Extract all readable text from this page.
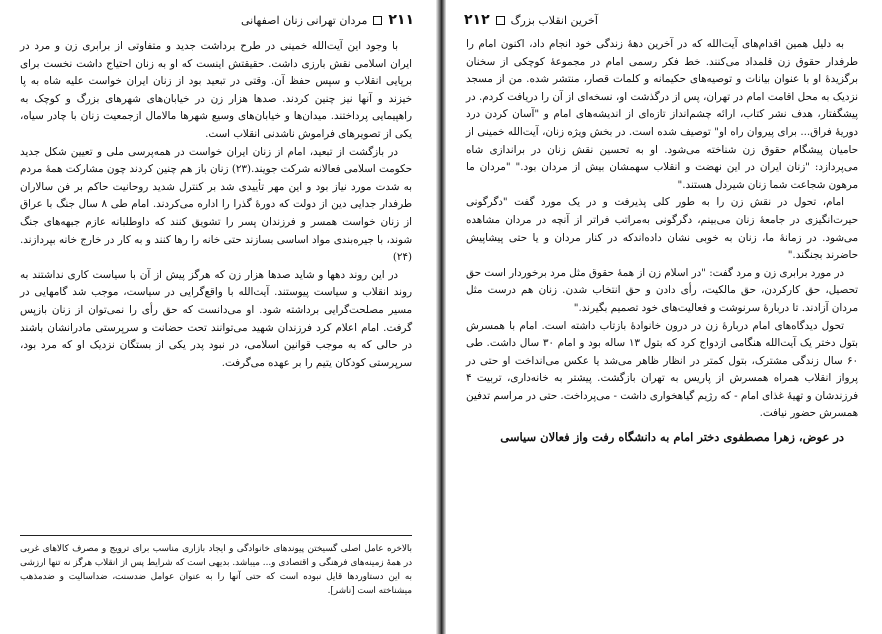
۲۱۱
مردان تهرانی زنان اصفهانی

با وجود این آیت‌الله خمینی در طرح برداشت جدید و متفاوتی از برابری زن و مرد در ایران اسلامی نقش بارزی داشت. حقیقتش اینست که او به زنان احتیاج داشت نخست برای برپایی انقلاب و سپس حفظ آن. وقتی در تبعید بود از زنان ایران خواست علیه شاه به پا خیزند و آنها نیز چنین کردند. صدها هزار زن در خیابان‌های شهرهای بزرگ و کوچک به راهپیمایی پرداختند. میدان‌ها و خیابان‌های وسیع شهرها مالامال ازجمعیت زنان با چادر سیاه، یکی از تصویرهای فراموش ناشدنی انقلاب است.

در بازگشت از تبعید، امام از زنان ایران خواست در همه‌پرسی ملی و تعیین شکل جدید حکومت اسلامی فعالانه شرکت جویند.(۲۳) زنان باز هم چنین کردند چون مشارکت همهٔ مردم به شدت مورد نیاز بود و این مهر تأییدی شد بر کنترل شدید روحانیت حاکم بر فن سالاران طرفدار جدایی دین از دولت که دورهٔ گذرا را اداره می‌کردند. امام طی ۸ سال جنگ با عراق از زنان خواست همسر و فرزندان پسر را تشویق کنند که داوطلبانه عازم جبهه‌های جنگ شوند، با جیره‌بندی مواد اساسی بسازند حتی خانه را رها کنند و به کار در خارج خانه بپردازند.(۲۴)

در این روند دهها و شاید صدها هزار زن که هرگز پیش از آن با سیاست کاری نداشتند به روند انقلاب و سیاست پیوستند. آیت‌الله با واقع‌گرایی در سیاست، موجب شد گامهایی در مسیر مصلحت‌گرایی برداشته شود. او می‌دانست که حق رأی را نمی‌توان از زنان بازپس گرفت. امام اعلام کرد فرزندان شهید می‌توانند تحت حضانت و سرپرستی مادرانشان باشند در حالی که به موجب قوانین اسلامی، در نبود پدر یکی از بستگان نزدیک او که مرد بود، سرپرستی کودکان یتیم را بر عهده می‌گرفت.

بالاخره عامل اصلی گسیختن پیوندهای خانوادگی و ایجاد بازاری مناسب برای ترویج و مصرف کالاهای غربی در همهٔ زمینه‌های فرهنگی و اقتصادی و... میباشد. بدیهی است که شرایط پس از انقلاب هرگز نه تنها ارزشی به این دستاوردها قایل نبوده است که حتی آنها را به عنوان عوامل ضدسنت، ضداسالیت و ضدمذهب میشناخته است [ناشر].

آخرین انقلاب بزرگ
۲۱۲

به دلیل همین اقدام‌های آیت‌الله که در آخرین دههٔ زندگی خود انجام داد، اکنون امام را طرفدار حقوق زن قلمداد می‌کنند. خط فکر رسمی امام در مجموعهٔ کوچکی از سخنان برگزیدهٔ او با عنوان بیانات و توصیه‌های حکیمانه و کلمات قصار، منتشر شده. من از مسجد نزدیک به محل اقامت امام در تهران، پس از درگذشت او، نسخه‌ای از آن را دریافت کردم. در پیشگفتار، هدف نشر کتاب، ارائه چشم‌انداز تازه‌ای از اندیشه‌های امام و "آسان کردن درد دوریهٔ فراق... برای پیروان راه او" توصیف شده است. در بخش ویژه زنان، آیت‌الله خمینی از حامیان پیشگام حقوق زن شناخته می‌شود. او به تحسین نقش زنان در براندازی شاه می‌پردازد: "زنان ایران در این نهضت و انقلاب سهمشان بیش از مردان بود." "مردان ما مرهون شجاعت شما زنان شیردل هستند."

امام، تحول در نقش زن را به طور کلی پذیرفت و در یک مورد گفت "دگرگونی حیرت‌انگیزی در جامعهٔ زنان می‌بینم، دگرگونی به‌مراتب فراتر از آنچه در مردان مشاهده می‌شود. در زمانهٔ ما، زنان به خوبی نشان داده‌اندکه در کنار مردان و یا حتی پیشاپیش حاضرند بجنگند."

در مورد برابری زن و مرد گفت: "در اسلام زن از همهٔ حقوق مثل مرد برخوردار است حق تحصیل، حق کارکردن، حق مالکیت، رأی دادن و حق انتخاب شدن. زنان هم درست مثل مردان آزادند. تا دربارهٔ سرنوشت و فعالیت‌های خود تصمیم بگیرند."

تحول دیدگاه‌های امام دربارهٔ زن در درون خانوادهٔ بازتاب داشته است. امام با همسرش بتول دختر یک آیت‌الله هنگامی ازدواج کرد که بتول ۱۳ ساله بود و امام ۳۰ سال داشت. طی ۶۰ سال زندگی مشترک، بتول کمتر در انظار ظاهر می‌شد یا عکس می‌انداخت او حتی در پرواز انقلاب همراه همسرش از پاریس به تهران بازگشت. پیشتر به خانه‌داری، تربیت ۴ فرزندشان و تهیهٔ غذای امام - که رژیم گیاهخواری داشت - می‌پرداخت. حتی در مراسم تدفین همسرش حضور نیافت.

در عوض، زهرا مصطفوی دختر امام به دانشگاه رفت واز فعالان سیاسی
